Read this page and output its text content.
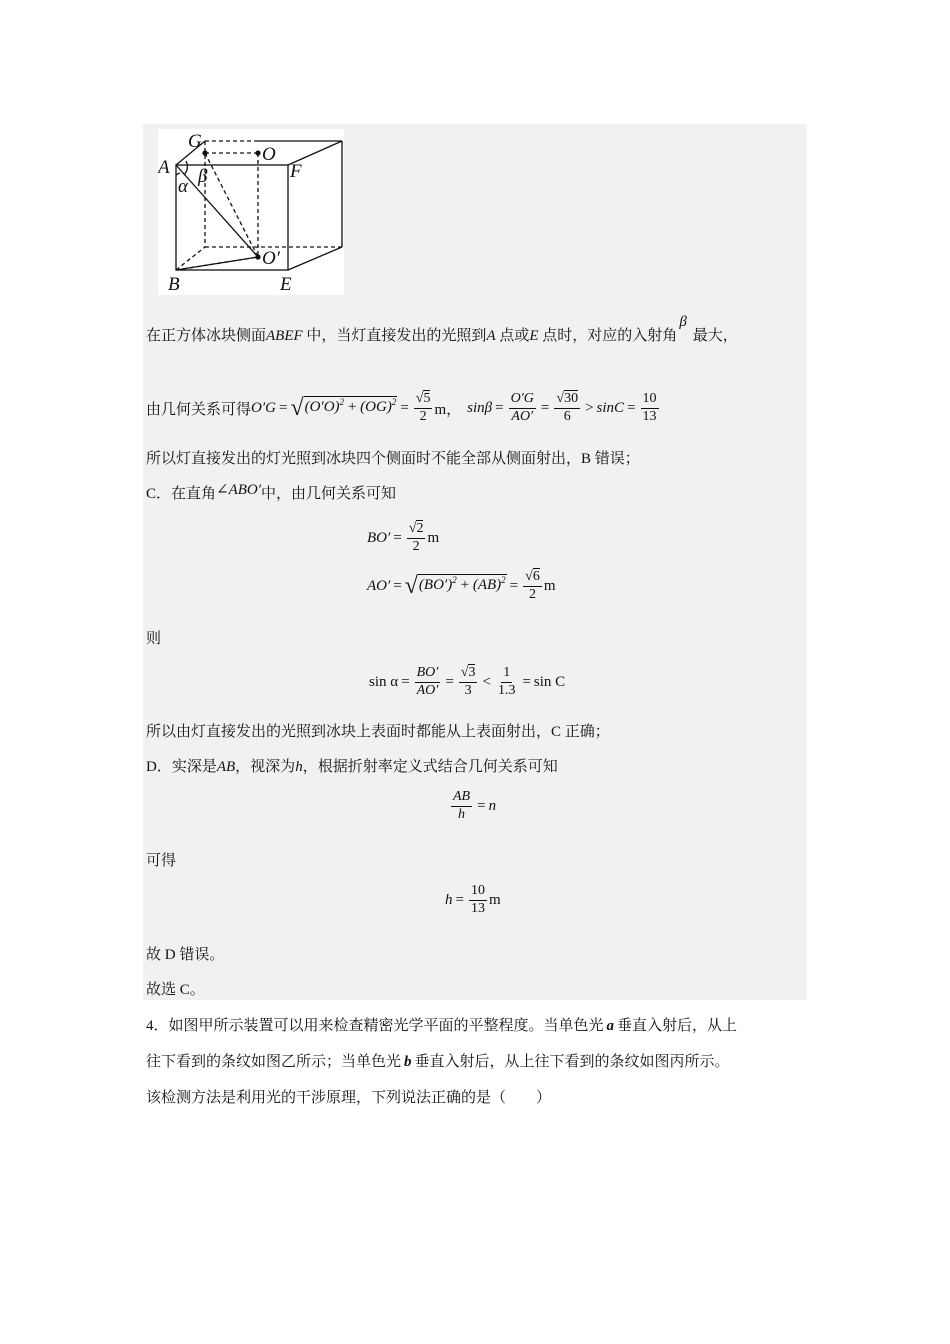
G
O
A	F
α β
O′
B	E
在正方体冰块侧面ABEF 中，当灯直接发出的光照到A 点或E 点时，对应的入射角β最大，
由几何关系可得 O′G = √ $(O'O)^2 + (OG)^2 = \frac{√5}{2}$ m， $\sin\beta = \frac{O'G}{AO'} = \frac{√30}{6} > \sin C = \frac{10}{13}$
所以灯直接发出的灯光照到冰块四个侧面时不能全部从侧面射出，B 错误；
C．在直角∠ABO′中，由几何关系可知
$BO' = \frac{√2}{2}$ m
AO′ = √ $(BO')^2 + (AB)^2 = \frac{√6}{2}$ m
则
$\sin \alpha = \frac{BO'}{AO'} = \frac{√3}{3} < \frac{1}{1.3} = \sin C$
所以由灯直接发出的光照到冰块上表面时都能从上表面射出，C 正确；
D．实深是AB，视深为h，根据折射率定义式结合几何关系可知
$\frac{AB}{h} = n$
可得
$h = \frac{10}{13}$ m
故 D 错误。
故选 C。
4．如图甲所示装置可以用来检查精密光学平面的平整程度。当单色光 a 垂直入射后，从上
往下看到的条纹如图乙所示；当单色光 b 垂直入射后，从上往下看到的条纹如图丙所示。
该检测方法是利用光的干涉原理，下列说法正确的是（　　）
